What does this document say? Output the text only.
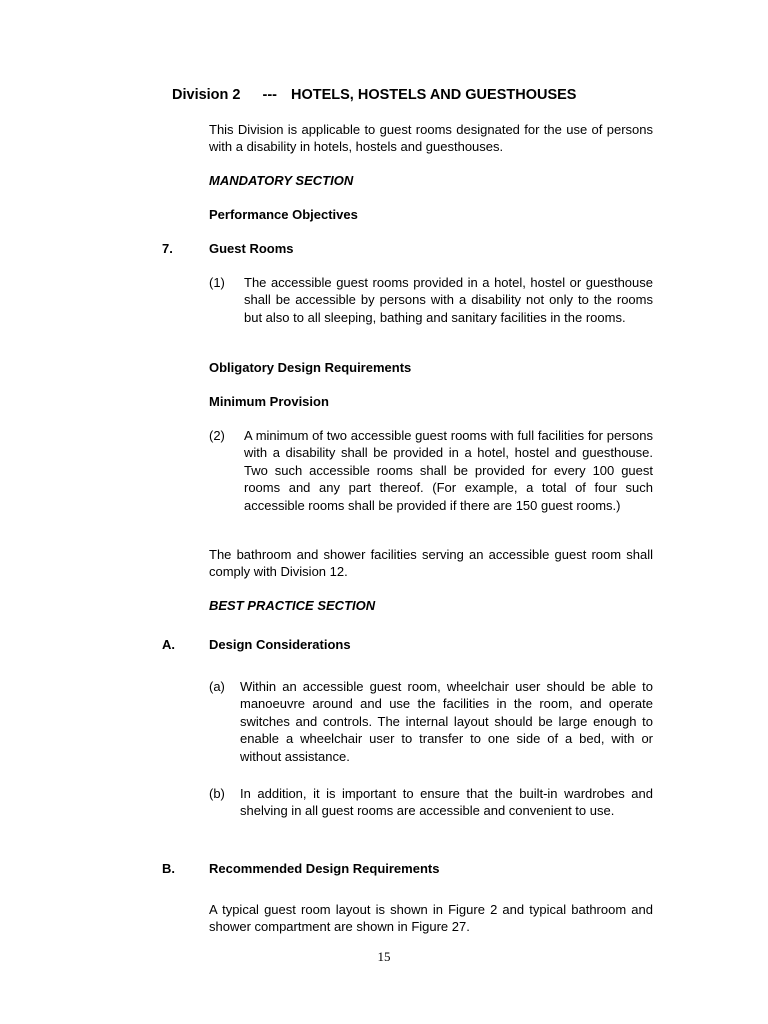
Division 2 --- HOTELS, HOSTELS AND GUESTHOUSES
This Division is applicable to guest rooms designated for the use of persons with a disability in hotels, hostels and guesthouses.
MANDATORY SECTION
Performance Objectives
7.	Guest Rooms
(1)	The accessible guest rooms provided in a hotel, hostel or guesthouse shall be accessible by persons with a disability not only to the rooms but also to all sleeping, bathing and sanitary facilities in the rooms.
Obligatory Design Requirements
Minimum Provision
(2)	A minimum of two accessible guest rooms with full facilities for persons with a disability shall be provided in a hotel, hostel and guesthouse. Two such accessible rooms shall be provided for every 100 guest rooms and any part thereof. (For example, a total of four such accessible rooms shall be provided if there are 150 guest rooms.)
The bathroom and shower facilities serving an accessible guest room shall comply with Division 12.
BEST PRACTICE SECTION
A.	Design Considerations
(a)	Within an accessible guest room, wheelchair user should be able to manoeuvre around and use the facilities in the room, and operate switches and controls. The internal layout should be large enough to enable a wheelchair user to transfer to one side of a bed, with or without assistance.
(b)	In addition, it is important to ensure that the built-in wardrobes and shelving in all guest rooms are accessible and convenient to use.
B.	Recommended Design Requirements
A typical guest room layout is shown in Figure 2 and typical bathroom and shower compartment are shown in Figure 27.
15
